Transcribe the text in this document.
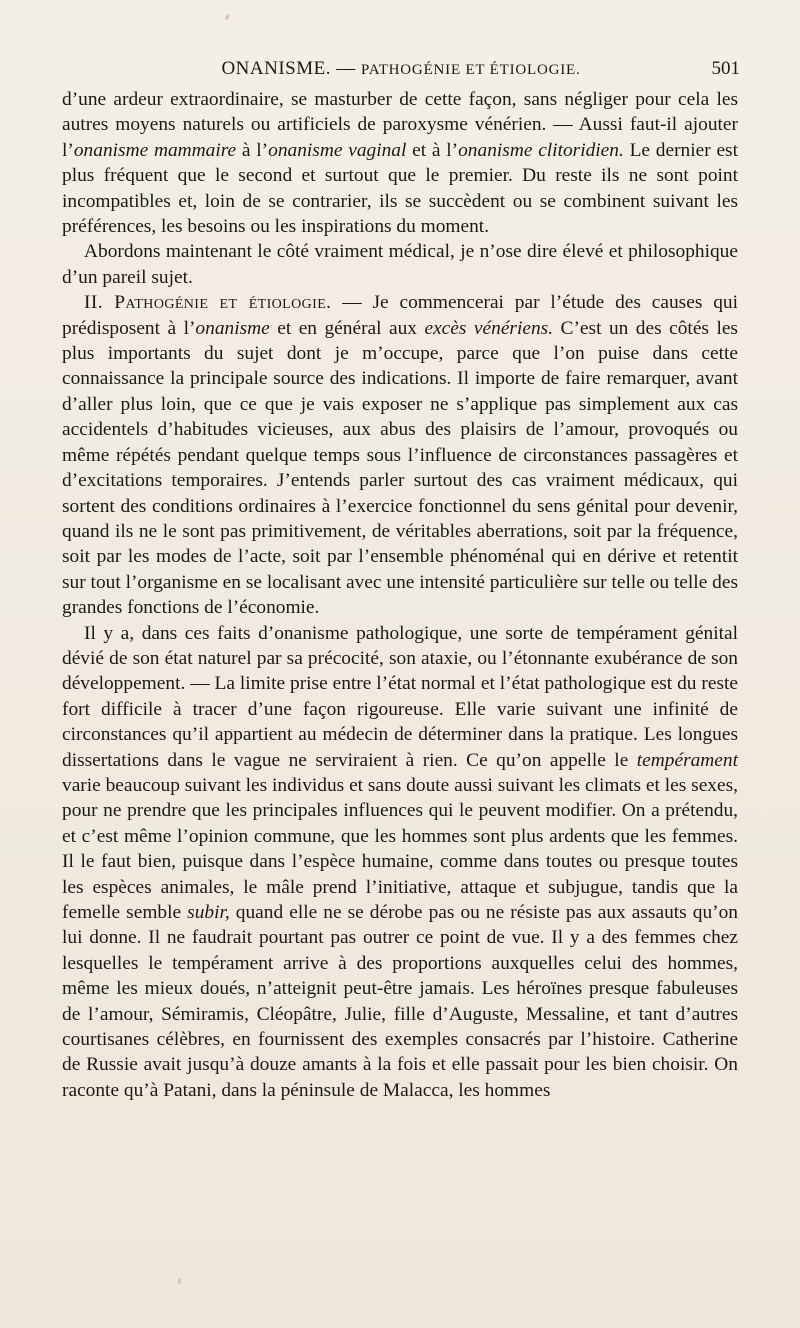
ONANISME. — PATHOGÉNIE ET ÉTIOLOGIE.	501

d’une ardeur extraordinaire, se masturber de cette façon, sans négliger pour cela les autres moyens naturels ou artificiels de paroxysme vénérien. — Aussi faut-il ajouter l’onanisme mammaire à l’onanisme vaginal et à l’onanisme clitoridien. Le dernier est plus fréquent que le second et surtout que le premier. Du reste ils ne sont point incompatibles et, loin de se contrarier, ils se succèdent ou se combinent suivant les préférences, les besoins ou les inspirations du moment.

Abordons maintenant le côté vraiment médical, je n’ose dire élevé et philosophique d’un pareil sujet.

II. Pathogénie et étiologie. — Je commencerai par l’étude des causes qui prédisposent à l’onanisme et en général aux excès vénériens. C’est un des côtés les plus importants du sujet dont je m’occupe, parce que l’on puise dans cette connaissance la principale source des indications. Il importe de faire remarquer, avant d’aller plus loin, que ce que je vais exposer ne s’applique pas simplement aux cas accidentels d’habitudes vicieuses, aux abus des plaisirs de l’amour, provoqués ou même répétés pendant quelque temps sous l’influence de circonstances passagères et d’excitations temporaires. J’entends parler surtout des cas vraiment médicaux, qui sortent des conditions ordinaires à l’exercice fonctionnel du sens génital pour devenir, quand ils ne le sont pas primitivement, de véritables aberrations, soit par la fréquence, soit par les modes de l’acte, soit par l’ensemble phénoménal qui en dérive et retentit sur tout l’organisme en se localisant avec une intensité particulière sur telle ou telle des grandes fonctions de l’économie.

Il y a, dans ces faits d’onanisme pathologique, une sorte de tempérament génital dévié de son état naturel par sa précocité, son ataxie, ou l’étonnante exubérance de son développement. — La limite prise entre l’état normal et l’état pathologique est du reste fort difficile à tracer d’une façon rigoureuse. Elle varie suivant une infinité de circonstances qu’il appartient au médecin de déterminer dans la pratique. Les longues dissertations dans le vague ne serviraient à rien. Ce qu’on appelle le tempérament varie beaucoup suivant les individus et sans doute aussi suivant les climats et les sexes, pour ne prendre que les principales influences qui le peuvent modifier. On a prétendu, et c’est même l’opinion commune, que les hommes sont plus ardents que les femmes. Il le faut bien, puisque dans l’espèce humaine, comme dans toutes ou presque toutes les espèces animales, le mâle prend l’initiative, attaque et subjugue, tandis que la femelle semble subir, quand elle ne se dérobe pas ou ne résiste pas aux assauts qu’on lui donne. Il ne faudrait pourtant pas outrer ce point de vue. Il y a des femmes chez lesquelles le tempérament arrive à des proportions auxquelles celui des hommes, même les mieux doués, n’atteignit peut-être jamais. Les héroïnes presque fabuleuses de l’amour, Sémiramis, Cléopâtre, Julie, fille d’Auguste, Messaline, et tant d’autres courtisanes célèbres, en fournissent des exemples consacrés par l’histoire. Catherine de Russie avait jusqu’à douze amants à la fois et elle passait pour les bien choisir. On raconte qu’à Patani, dans la péninsule de Malacca, les hommes
